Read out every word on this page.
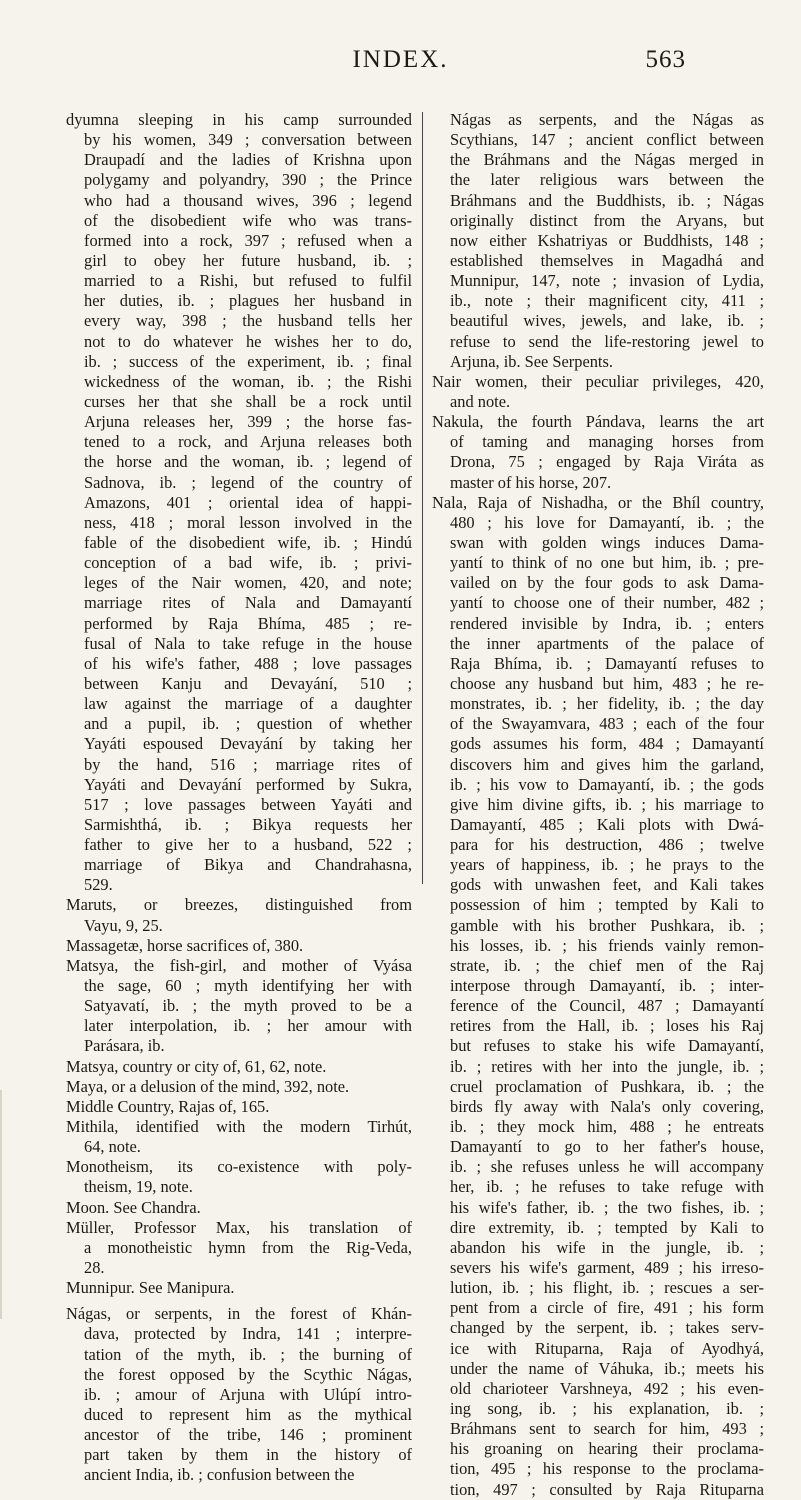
INDEX.	563
dyumna sleeping in his camp surrounded
by his women, 349 ; conversation between
Draupadí and the ladies of Krishna upon
polygamy and polyandry, 390 ; the Prince
who had a thousand wives, 396 ; legend
of the disobedient wife who was trans-
formed into a rock, 397 ; refused when a
girl to obey her future husband, ib. ;
married to a Rishi, but refused to fulfil
her duties, ib. ; plagues her husband in
every way, 398 ; the husband tells her
not to do whatever he wishes her to do,
ib. ; success of the experiment, ib. ; final
wickedness of the woman, ib. ; the Rishi
curses her that she shall be a rock until
Arjuna releases her, 399 ; the horse fas-
tened to a rock, and Arjuna releases both
the horse and the woman, ib. ; legend of
Sadnova, ib. ; legend of the country of
Amazons, 401 ; oriental idea of happi-
ness, 418 ; moral lesson involved in the
fable of the disobedient wife, ib. ; Hindú
conception of a bad wife, ib. ; privi-
leges of the Nair women, 420, and note;
marriage rites of Nala and Damayantí
performed by Raja Bhíma, 485 ; re-
fusal of Nala to take refuge in the house
of his wife's father, 488 ; love passages
between Kanju and Devayání, 510 ;
law against the marriage of a daughter
and a pupil, ib. ; question of whether
Yayáti espoused Devayání by taking her
by the hand, 516 ; marriage rites of
Yayáti and Devayání performed by Sukra,
517 ; love passages between Yayáti and
Sarmishthá, ib. ; Bikya requests her
father to give her to a husband, 522 ;
marriage of Bikya and Chandrahasna,
529.
Maruts, or breezes, distinguished from
Vayu, 9, 25.
Massagetæ, horse sacrifices of, 380.
Matsya, the fish-girl, and mother of Vyása
the sage, 60 ; myth identifying her with
Satyavatí, ib. ; the myth proved to be a
later interpolation, ib. ; her amour with
Parásara, ib.
Matsya, country or city of, 61, 62, note.
Maya, or a delusion of the mind, 392, note.
Middle Country, Rajas of, 165.
Mithila, identified with the modern Tirhút,
64, note.
Monotheism, its co-existence with poly-
theism, 19, note.
Moon. See Chandra.
Müller, Professor Max, his translation of
a monotheistic hymn from the Rig-Veda,
28.
Munnipur. See Manipura.
Nágas, or serpents, in the forest of Khán-
dava, protected by Indra, 141 ; interpre-
tation of the myth, ib. ; the burning of
the forest opposed by the Scythic Nágas,
ib. ; amour of Arjuna with Ulúpí intro-
duced to represent him as the mythical
ancestor of the tribe, 146 ; prominent
part taken by them in the history of
ancient India, ib. ; confusion between the
Nágas as serpents, and the Nágas as
Scythians, 147 ; ancient conflict between
the Bráhmans and the Nágas merged in
the later religious wars between the
Bráhmans and the Buddhists, ib. ; Nágas
originally distinct from the Aryans, but
now either Kshatriyas or Buddhists, 148 ;
established themselves in Magadhá and
Munnipur, 147, note ; invasion of Lydia,
ib., note ; their magnificent city, 411 ;
beautiful wives, jewels, and lake, ib. ;
refuse to send the life-restoring jewel to
Arjuna, ib. See Serpents.
Nair women, their peculiar privileges, 420,
and note.
Nakula, the fourth Pándava, learns the art
of taming and managing horses from
Drona, 75 ; engaged by Raja Viráta as
master of his horse, 207.
Nala, Raja of Nishadha, or the Bhíl country,
480 ; his love for Damayantí, ib. ; the
swan with golden wings induces Dama-
yantí to think of no one but him, ib. ; pre-
vailed on by the four gods to ask Dama-
yantí to choose one of their number, 482 ;
rendered invisible by Indra, ib. ; enters
the inner apartments of the palace of
Raja Bhíma, ib. ; Damayantí refuses to
choose any husband but him, 483 ; he re-
monstrates, ib. ; her fidelity, ib. ; the day
of the Swayamvara, 483 ; each of the four
gods assumes his form, 484 ; Damayantí
discovers him and gives him the garland,
ib. ; his vow to Damayantí, ib. ; the gods
give him divine gifts, ib. ; his marriage to
Damayantí, 485 ; Kali plots with Dwá-
para for his destruction, 486 ; twelve
years of happiness, ib. ; he prays to the
gods with unwashen feet, and Kali takes
possession of him ; tempted by Kali to
gamble with his brother Pushkara, ib. ;
his losses, ib. ; his friends vainly remon-
strate, ib. ; the chief men of the Raj
interpose through Damayantí, ib. ; inter-
ference of the Council, 487 ; Damayantí
retires from the Hall, ib. ; loses his Raj
but refuses to stake his wife Damayantí,
ib. ; retires with her into the jungle, ib. ;
cruel proclamation of Pushkara, ib. ; the
birds fly away with Nala's only covering,
ib. ; they mock him, 488 ; he entreats
Damayantí to go to her father's house,
ib. ; she refuses unless he will accompany
her, ib. ; he refuses to take refuge with
his wife's father, ib. ; the two fishes, ib. ;
dire extremity, ib. ; tempted by Kali to
abandon his wife in the jungle, ib. ;
severs his wife's garment, 489 ; his irreso-
lution, ib. ; his flight, ib. ; rescues a ser-
pent from a circle of fire, 491 ; his form
changed by the serpent, ib. ; takes serv-
ice with Rituparna, Raja of Ayodhyá,
under the name of Váhuka, ib.; meets his
old charioteer Varshneya, 492 ; his even-
ing song, ib. ; his explanation, ib. ;
Bráhmans sent to search for him, 493 ;
his groaning on hearing their proclama-
tion, 495 ; his response to the proclama-
tion, 497 ; consulted by Raja Rituparna
